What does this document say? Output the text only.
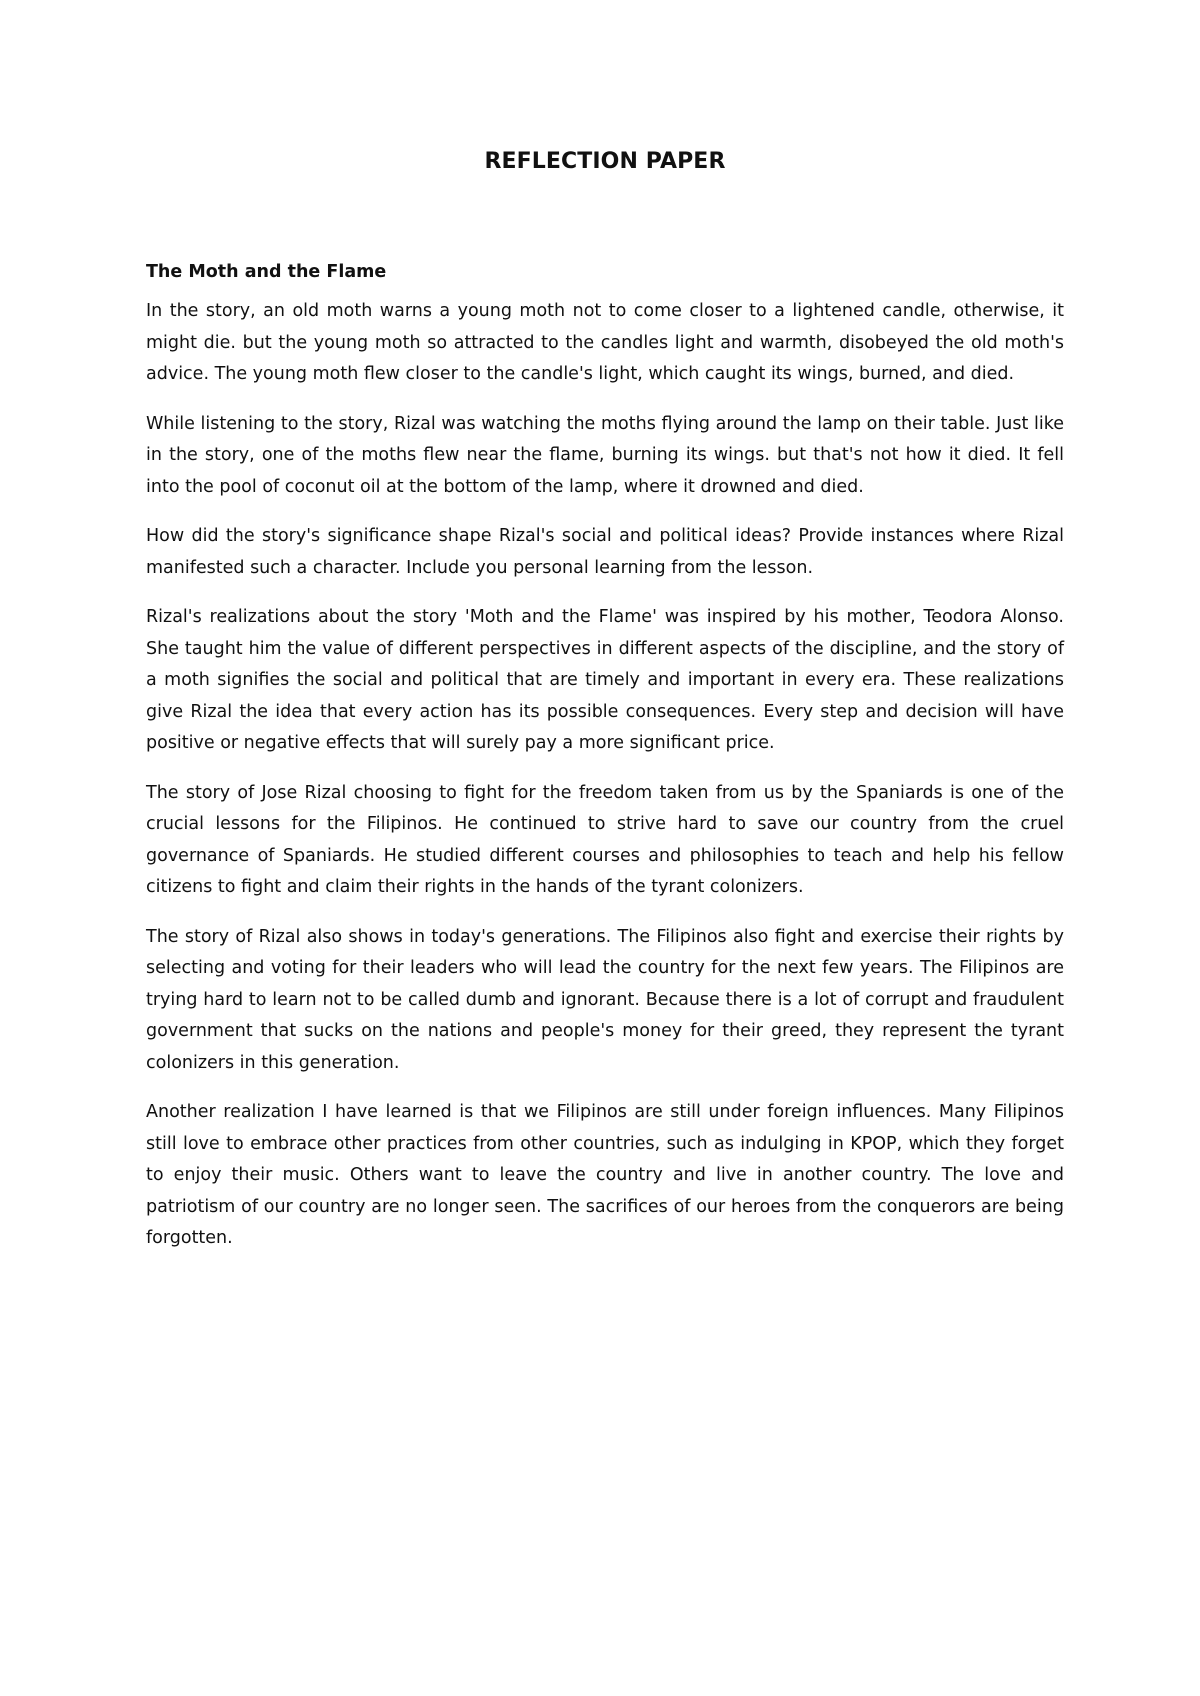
REFLECTION PAPER
The Moth and the Flame

In the story, an old moth warns a young moth not to come closer to a lightened candle, otherwise, it might die. but the young moth so attracted to the candles light and warmth, disobeyed the old moth's advice. The young moth flew closer to the candle's light, which caught its wings, burned, and died.

While listening to the story, Rizal was watching the moths flying around the lamp on their table. Just like in the story, one of the moths flew near the flame, burning its wings. but that's not how it died. It fell into the pool of coconut oil at the bottom of the lamp, where it drowned and died.

How did the story's significance shape Rizal's social and political ideas? Provide instances where Rizal manifested such a character. Include you personal learning from the lesson.

Rizal's realizations about the story 'Moth and the Flame' was inspired by his mother, Teodora Alonso. She taught him the value of different perspectives in different aspects of the discipline, and the story of a moth signifies the social and political that are timely and important in every era. These realizations give Rizal the idea that every action has its possible consequences. Every step and decision will have positive or negative effects that will surely pay a more significant price.

The story of Jose Rizal choosing to fight for the freedom taken from us by the Spaniards is one of the crucial lessons for the Filipinos. He continued to strive hard to save our country from the cruel governance of Spaniards. He studied different courses and philosophies to teach and help his fellow citizens to fight and claim their rights in the hands of the tyrant colonizers.

The story of Rizal also shows in today's generations. The Filipinos also fight and exercise their rights by selecting and voting for their leaders who will lead the country for the next few years. The Filipinos are trying hard to learn not to be called dumb and ignorant. Because there is a lot of corrupt and fraudulent government that sucks on the nations and people's money for their greed, they represent the tyrant colonizers in this generation.

Another realization I have learned is that we Filipinos are still under foreign influences. Many Filipinos still love to embrace other practices from other countries, such as indulging in KPOP, which they forget to enjoy their music. Others want to leave the country and live in another country. The love and patriotism of our country are no longer seen. The sacrifices of our heroes from the conquerors are being forgotten.
